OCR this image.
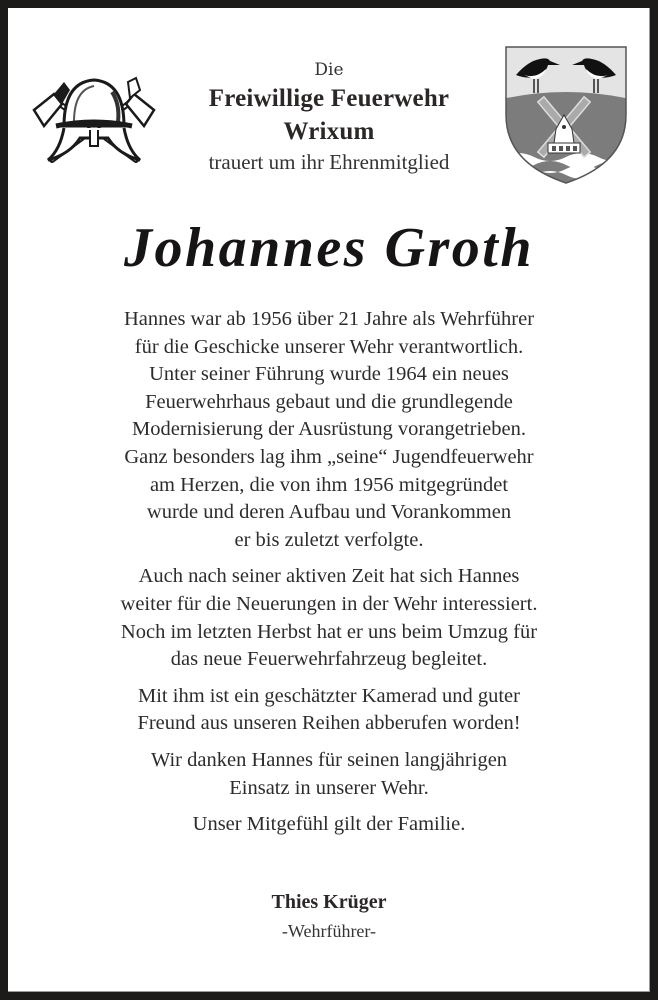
Die
Freiwillige Feuerwehr
Wrixum
trauert um ihr Ehrenmitglied
Johannes Groth

Hannes war ab 1956 über 21 Jahre als Wehrführer
für die Geschicke unserer Wehr verantwortlich.
Unter seiner Führung wurde 1964 ein neues
Feuerwehrhaus gebaut und die grundlegende
Modernisierung der Ausrüstung vorangetrieben.
Ganz besonders lag ihm „seine“ Jugendfeuerwehr
am Herzen, die von ihm 1956 mitgegründet
wurde und deren Aufbau und Vorankommen
er bis zuletzt verfolgte.

Auch nach seiner aktiven Zeit hat sich Hannes
weiter für die Neuerungen in der Wehr interessiert.
Noch im letzten Herbst hat er uns beim Umzug für
das neue Feuerwehrfahrzeug begleitet.

Mit ihm ist ein geschätzter Kamerad und guter
Freund aus unseren Reihen abberufen worden!

Wir danken Hannes für seinen langjährigen
Einsatz in unserer Wehr.

Unser Mitgefühl gilt der Familie.

Thies Krüger
-Wehrführer-
